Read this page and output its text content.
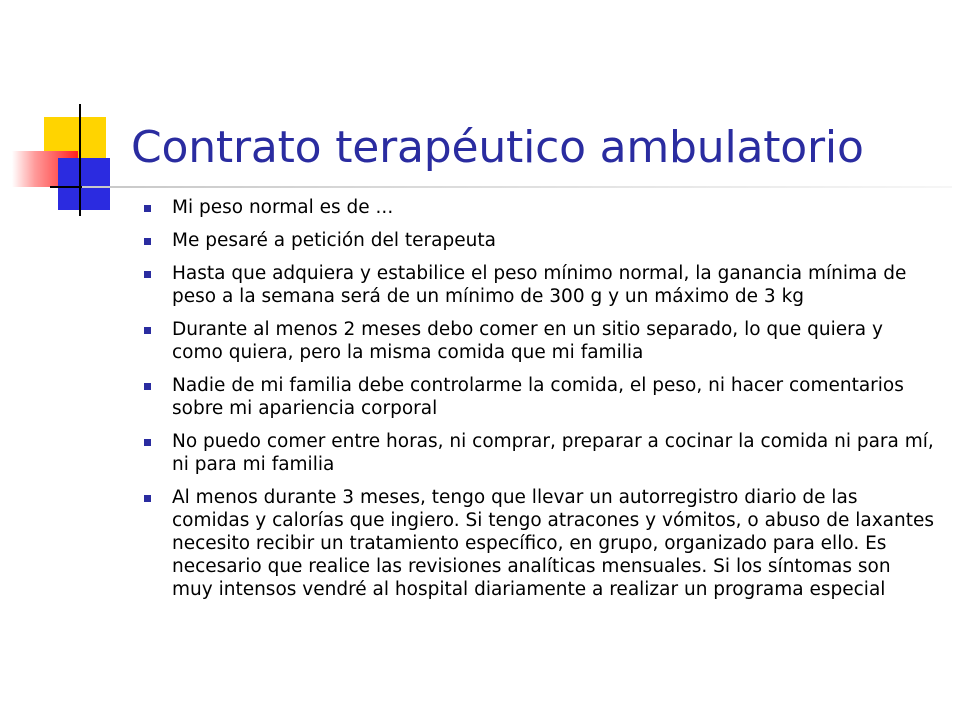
Contrato terapéutico ambulatorio
Mi peso normal es de ...
Me pesaré a petición del terapeuta
Hasta que adquiera y estabilice el peso mínimo normal, la ganancia mínima de peso a la semana será de un mínimo de 300 g y un máximo de 3 kg
Durante al menos 2 meses debo comer en un sitio separado, lo que quiera y como quiera, pero la misma comida que mi familia
Nadie de mi familia debe controlarme la comida, el peso, ni hacer comentarios sobre mi apariencia corporal
No puedo comer entre horas, ni comprar, preparar a cocinar la comida ni para mí, ni para mi familia
Al menos durante 3 meses, tengo que llevar un autorregistro diario de las comidas y calorías que ingiero. Si tengo atracones y vómitos, o abuso de laxantes necesito recibir un tratamiento específico, en grupo, organizado para ello. Es necesario que realice las revisiones analíticas mensuales. Si los síntomas son muy intensos vendré al hospital diariamente a realizar un programa especial
